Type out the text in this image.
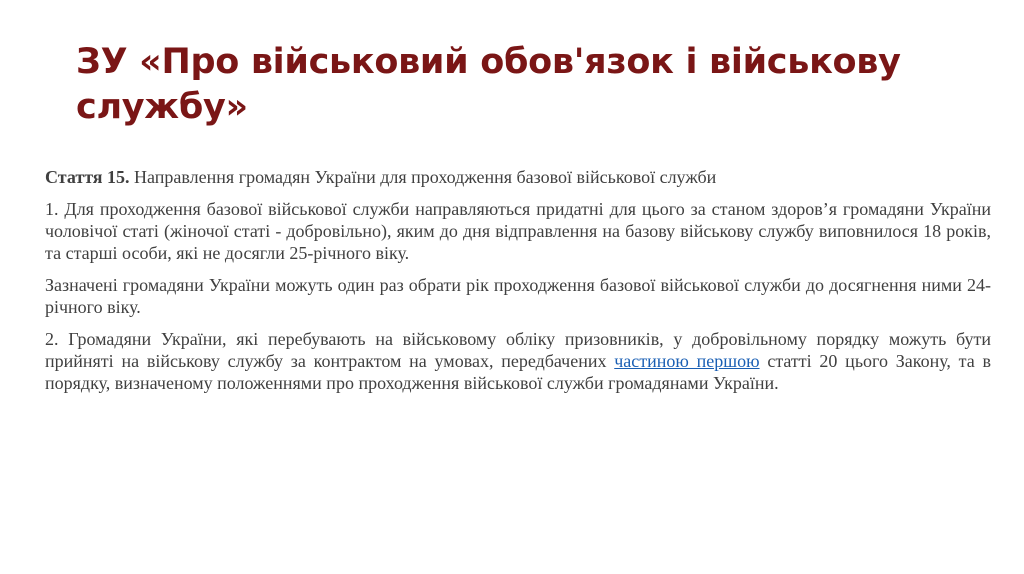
ЗУ «Про військовий обов'язок і військову службу»

Стаття 15. Направлення громадян України для проходження базової військової служби

1. Для проходження базової військової служби направляються придатні для цього за станом здоров’я громадяни України чоловічої статі (жіночої статі - добровільно), яким до дня відправлення на базову військову службу виповнилося 18 років, та старші особи, які не досягли 25-річного віку.

Зазначені громадяни України можуть один раз обрати рік проходження базової військової служби до досягнення ними 24-річного віку.

2. Громадяни України, які перебувають на військовому обліку призовників, у добровільному порядку можуть бути прийняті на військову службу за контрактом на умовах, передбачених частиною першою статті 20 цього Закону, та в порядку, визначеному положеннями про проходження військової служби громадянами України.
